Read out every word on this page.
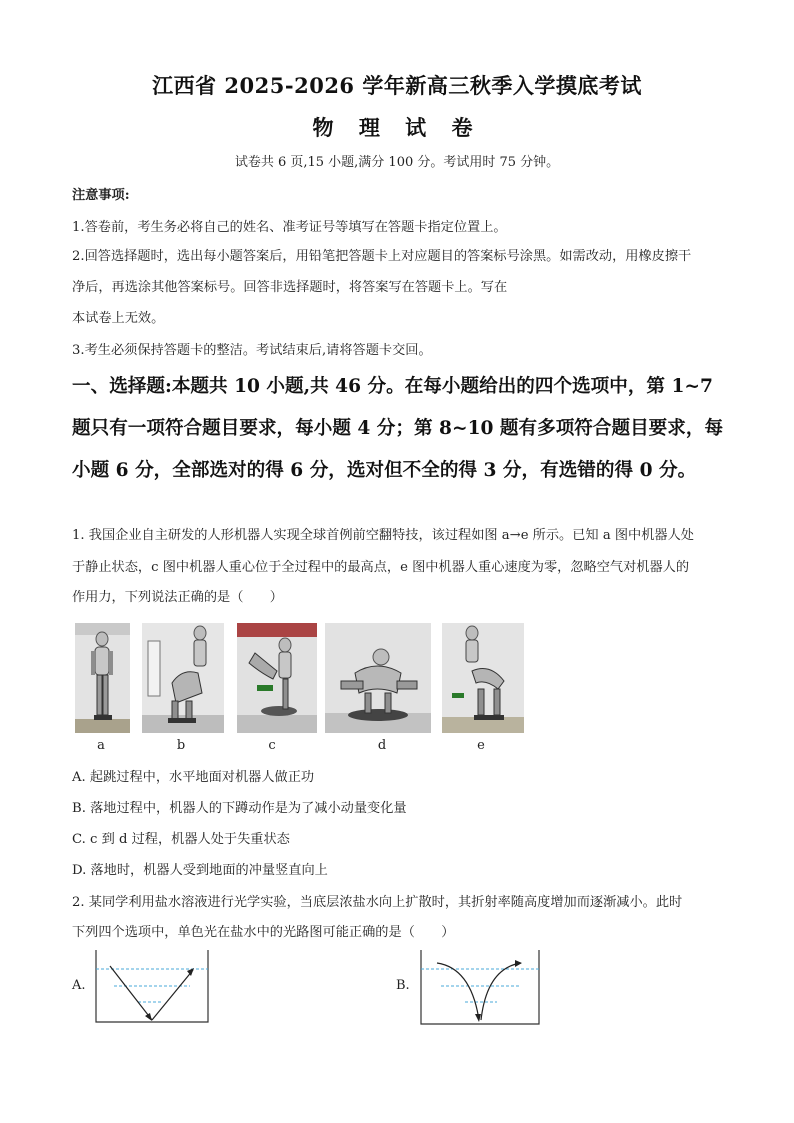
江西省 2025-2026 学年新高三秋季入学摸底考试
物 理 试 卷
试卷共 6 页,15 小题,满分 100 分。考试用时 75 分钟。
注意事项:
1.答卷前，考生务必将自己的姓名、准考证号等填写在答题卡指定位置上。
2.回答选择题时，选出每小题答案后，用铅笔把答题卡上对应题目的答案标号涂黑。如需改动，用橡皮擦干
净后，再选涂其他答案标号。回答非选择题时，将答案写在答题卡上。写在
本试卷上无效。
3.考生必须保持答题卡的整洁。考试结束后,请将答题卡交回。
一、选择题:本题共 10 小题,共 46 分。在每小题给出的四个选项中，第 1~7
题只有一项符合题目要求，每小题 4 分；第 8~10 题有多项符合题目要求，每
小题 6 分，全部选对的得 6 分，选对但不全的得 3 分，有选错的得 0 分。
1. 我国企业自主研发的人形机器人实现全球首例前空翻特技，该过程如图 a→e 所示。已知 a 图中机器人处
于静止状态，c 图中机器人重心位于全过程中的最高点，e 图中机器人重心速度为零，忽略空气对机器人的
作用力，下列说法正确的是（　　）
a	b	c	d	e
A. 起跳过程中，水平地面对机器人做正功
B. 落地过程中，机器人的下蹲动作是为了减小动量变化量
C. c 到 d 过程，机器人处于失重状态
D. 落地时，机器人受到地面的冲量竖直向上
2. 某同学利用盐水溶液进行光学实验，当底层浓盐水向上扩散时，其折射率随高度增加而逐渐减小。此时
下列四个选项中，单色光在盐水中的光路图可能正确的是（　　）
A.	B.
